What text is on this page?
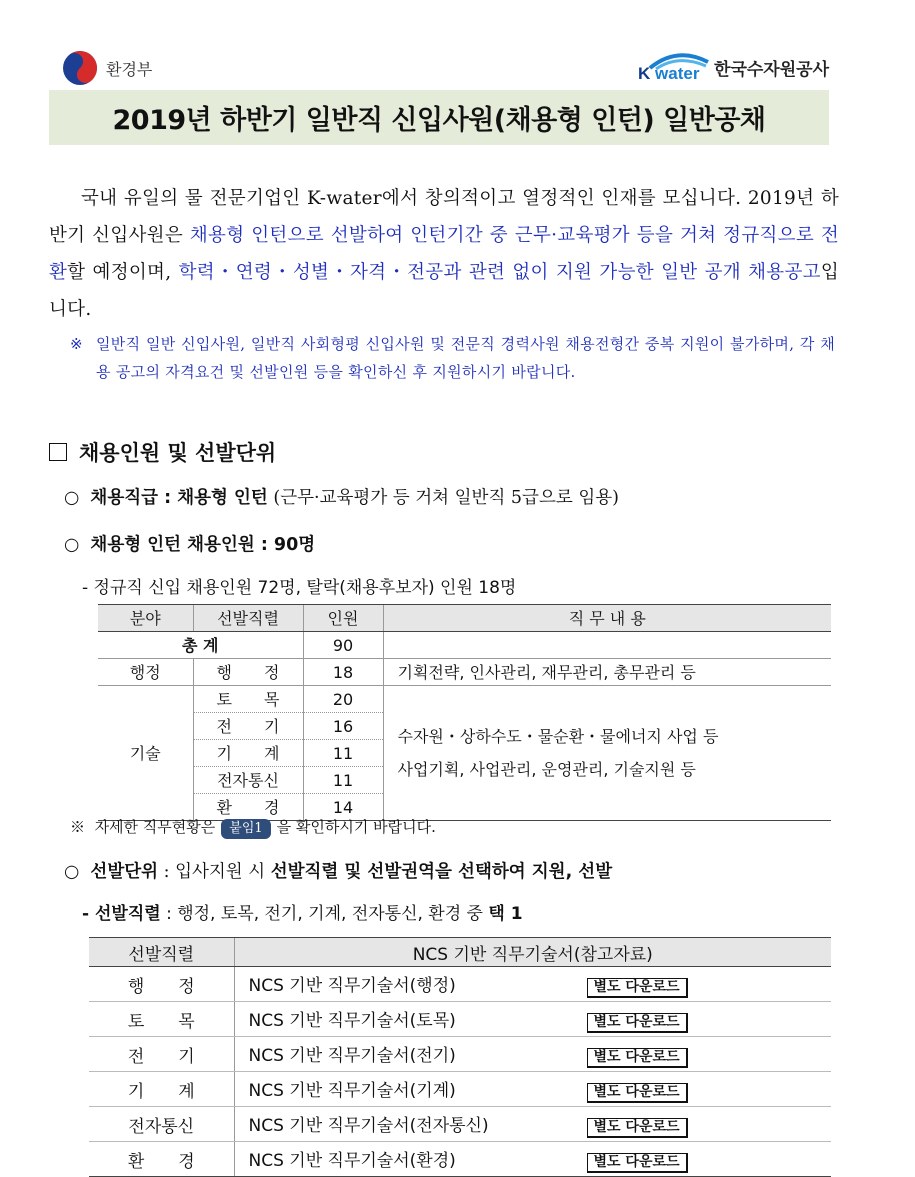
환경부	K water 한국수자원공사
2019년 하반기 일반직 신입사원(채용형 인턴) 일반공채
국내 유일의 물 전문기업인 K-water에서 창의적이고 열정적인 인재를 모십니다. 2019년 하반기 신입사원은 채용형 인턴으로 선발하여 인턴기간 중 근무·교육평가 등을 거쳐 정규직으로 전환할 예정이며, 학력・연령・성별・자격・전공과 관련 없이 지원 가능한 일반 공개 채용공고입니다.
※ 일반직 일반 신입사원, 일반직 사회형평 신입사원 및 전문직 경력사원 채용전형간 중복 지원이 불가하며, 각 채용 공고의 자격요건 및 선발인원 등을 확인하신 후 지원하시기 바랍니다.
채용인원 및 선발단위
○ 채용직급 : 채용형 인턴 (근무·교육평가 등 거쳐 일반직 5급으로 임용)
○ 채용형 인턴 채용인원 : 90명
- 정규직 신입 채용인원 72명, 탈락(채용후보자) 인원 18명
분야	선발직렬	인원	직 무 내 용
총 계		90	
행정	행　　정	18	기획전략, 인사관리, 재무관리, 총무관리 등
기술	토　　목	20	수자원・상하수도・물순환・물에너지 사업 등
사업기획, 사업관리, 운영관리, 기술지원 등

	전　　기	16	
	기　　계	11	
	전자통신	11	
	환　　경	14	
※ 자세한 직무현황은 붙임1 을 확인하시기 바랍니다.
○ 선발단위 : 입사지원 시 선발직렬 및 선발권역을 선택하여 지원, 선발
- 선발직렬 : 행정, 토목, 전기, 기계, 전자통신, 환경 중 택 1
선발직렬	NCS 기반 직무기술서(참고자료)
행　　정	NCS 기반 직무기술서(행정) 별도 다운로드
토　　목	NCS 기반 직무기술서(토목) 별도 다운로드
전　　기	NCS 기반 직무기술서(전기) 별도 다운로드
기　　계	NCS 기반 직무기술서(기계) 별도 다운로드
전자통신	NCS 기반 직무기술서(전자통신) 별도 다운로드
환　　경	NCS 기반 직무기술서(환경) 별도 다운로드
